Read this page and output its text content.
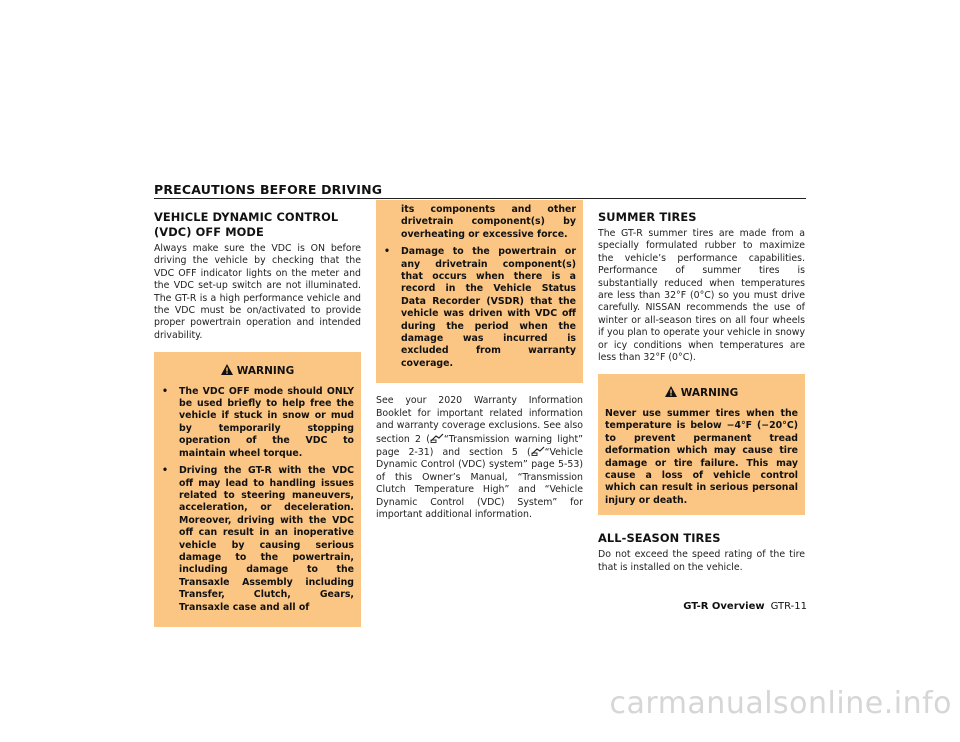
PRECAUTIONS BEFORE DRIVING
VEHICLE DYNAMIC CONTROL (VDC) OFF MODE

Always make sure the VDC is ON before driving the vehicle by checking that the VDC OFF indicator lights on the meter and the VDC set-up switch are not illuminated. The GT-R is a high performance vehicle and the VDC must be on/activated to provide proper powertrain operation and intended drivability.

WARNING
• The VDC OFF mode should ONLY be used briefly to help free the vehicle if stuck in snow or mud by temporarily stopping operation of the VDC to maintain wheel torque.
• Driving the GT-R with the VDC off may lead to handling issues related to steering maneuvers, acceleration, or deceleration. Moreover, driving with the VDC off can result in an inoperative vehicle by causing serious damage to the powertrain, including damage to the Transaxle Assembly including Transfer, Clutch, Gears, Transaxle case and all of
its components and other drivetrain component(s) by overheating or excessive force.
• Damage to the powertrain or any drivetrain component(s) that occurs when there is a record in the Vehicle Status Data Recorder (VSDR) that the vehicle was driven with VDC off during the period when the damage was incurred is excluded from warranty coverage.

See your 2020 Warranty Information Booklet for important related information and warranty coverage exclusions. See also section 2 ( “Transmission warning light” page 2-31) and section 5 ( “Vehicle Dynamic Control (VDC) system” page 5-53) of this Owner’s Manual, “Transmission Clutch Temperature High” and “Vehicle Dynamic Control (VDC) System” for important additional information.

SUMMER TIRES

The GT-R summer tires are made from a specially formulated rubber to maximize the vehicle’s performance capabilities. Performance of summer tires is substantially reduced when temperatures are less than 32°F (0°C) so you must drive carefully. NISSAN recommends the use of winter or all-season tires on all four wheels if you plan to operate your vehicle in snowy or icy conditions when temperatures are less than 32°F (0°C).

WARNING

Never use summer tires when the temperature is below −4°F (−20°C) to prevent permanent tread deformation which may cause tire damage or tire failure. This may cause a loss of vehicle control which can result in serious personal injury or death.

ALL-SEASON TIRES

Do not exceed the speed rating of the tire that is installed on the vehicle.

GT-R Overview GTR-11
carmanualsonline.info
